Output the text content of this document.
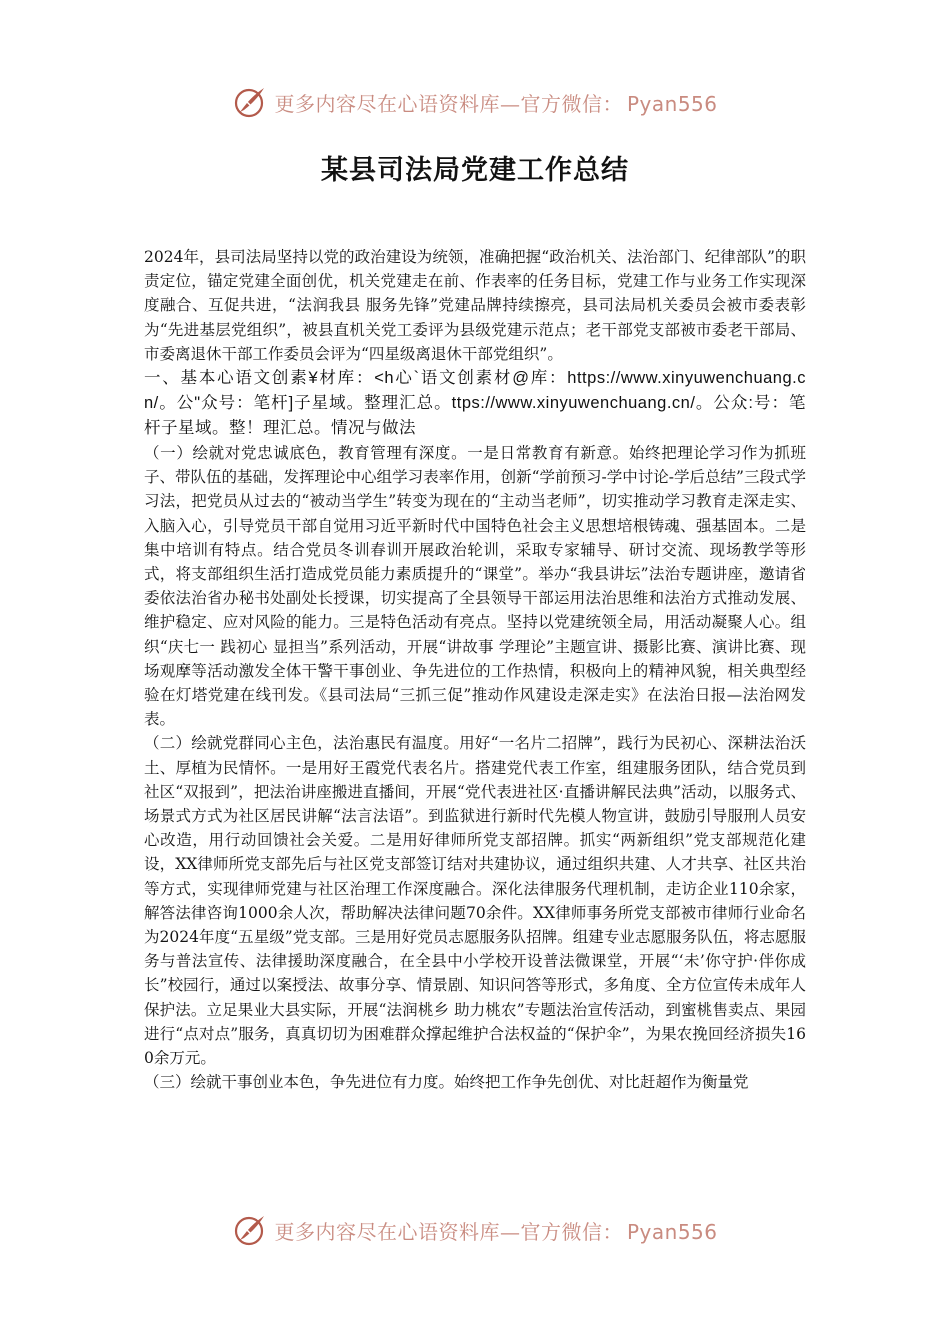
更多内容尽在心语资料库—官方微信： Pyan556
某县司法局党建工作总结

2024年，县司法局坚持以党的政治建设为统领，准确把握“政治机关、法治部门、纪律部队”的职责定位，锚定党建全面创优，机关党建走在前、作表率的任务目标，党建工作与业务工作实现深度融合、互促共进，“法润我县 服务先锋”党建品牌持续擦亮，县司法局机关委员会被市委表彰为“先进基层党组织”，被县直机关党工委评为县级党建示范点；老干部党支部被市委老干部局、市委离退休干部工作委员会评为“四星级离退休干部党组织”。

一、基本心语文创素¥材库：<h心`语文创素材@库：https://www.xinyuwenchuang.cn/。公"众号：笔杆]子星域。整理汇总。ttps://www.xinyuwenchuang.cn/。公众:号：笔杆子星域。整！理汇总。情况与做法

（一）绘就对党忠诚底色，教育管理有深度。一是日常教育有新意。始终把理论学习作为抓班子、带队伍的基础，发挥理论中心组学习表率作用，创新“学前预习-学中讨论-学后总结”三段式学习法，把党员从过去的“被动当学生”转变为现在的“主动当老师”，切实推动学习教育走深走实、入脑入心，引导党员干部自觉用习近平新时代中国特色社会主义思想培根铸魂、强基固本。二是集中培训有特点。结合党员冬训春训开展政治轮训，采取专家辅导、研讨交流、现场教学等形式，将支部组织生活打造成党员能力素质提升的“课堂”。举办“我县讲坛”法治专题讲座，邀请省委依法治省办秘书处副处长授课，切实提高了全县领导干部运用法治思维和法治方式推动发展、维护稳定、应对风险的能力。三是特色活动有亮点。坚持以党建统领全局，用活动凝聚人心。组织“庆七一 践初心 显担当”系列活动，开展“讲故事 学理论”主题宣讲、摄影比赛、演讲比赛、现场观摩等活动激发全体干警干事创业、争先进位的工作热情，积极向上的精神风貌，相关典型经验在灯塔党建在线刊发。《县司法局“三抓三促”推动作风建设走深走实》在法治日报—法治网发表。

（二）绘就党群同心主色，法治惠民有温度。用好“一名片二招牌”，践行为民初心、深耕法治沃土、厚植为民情怀。一是用好王霞党代表名片。搭建党代表工作室，组建服务团队，结合党员到社区“双报到”，把法治讲座搬进直播间，开展“党代表进社区·直播讲解民法典”活动，以服务式、场景式方式为社区居民讲解“法言法语”。到监狱进行新时代先模人物宣讲，鼓励引导服刑人员安心改造，用行动回馈社会关爱。二是用好律师所党支部招牌。抓实“两新组织”党支部规范化建设，XX律师所党支部先后与社区党支部签订结对共建协议，通过组织共建、人才共享、社区共治等方式，实现律师党建与社区治理工作深度融合。深化法律服务代理机制，走访企业110余家，解答法律咨询1000余人次，帮助解决法律问题70余件。XX律师事务所党支部被市律师行业命名为2024年度“五星级”党支部。三是用好党员志愿服务队招牌。组建专业志愿服务队伍，将志愿服务与普法宣传、法律援助深度融合，在全县中小学校开设普法微课堂，开展“‘未’你守护·伴你成长”校园行，通过以案授法、故事分享、情景剧、知识问答等形式，多角度、全方位宣传未成年人保护法。立足果业大县实际，开展“法润桃乡 助力桃农”专题法治宣传活动，到蜜桃售卖点、果园进行“点对点”服务，真真切切为困难群众撑起维护合法权益的“保护伞”，为果农挽回经济损失160余万元。

（三）绘就干事创业本色，争先进位有力度。始终把工作争先创优、对比赶超作为衡量党

更多内容尽在心语资料库—官方微信： Pyan556
